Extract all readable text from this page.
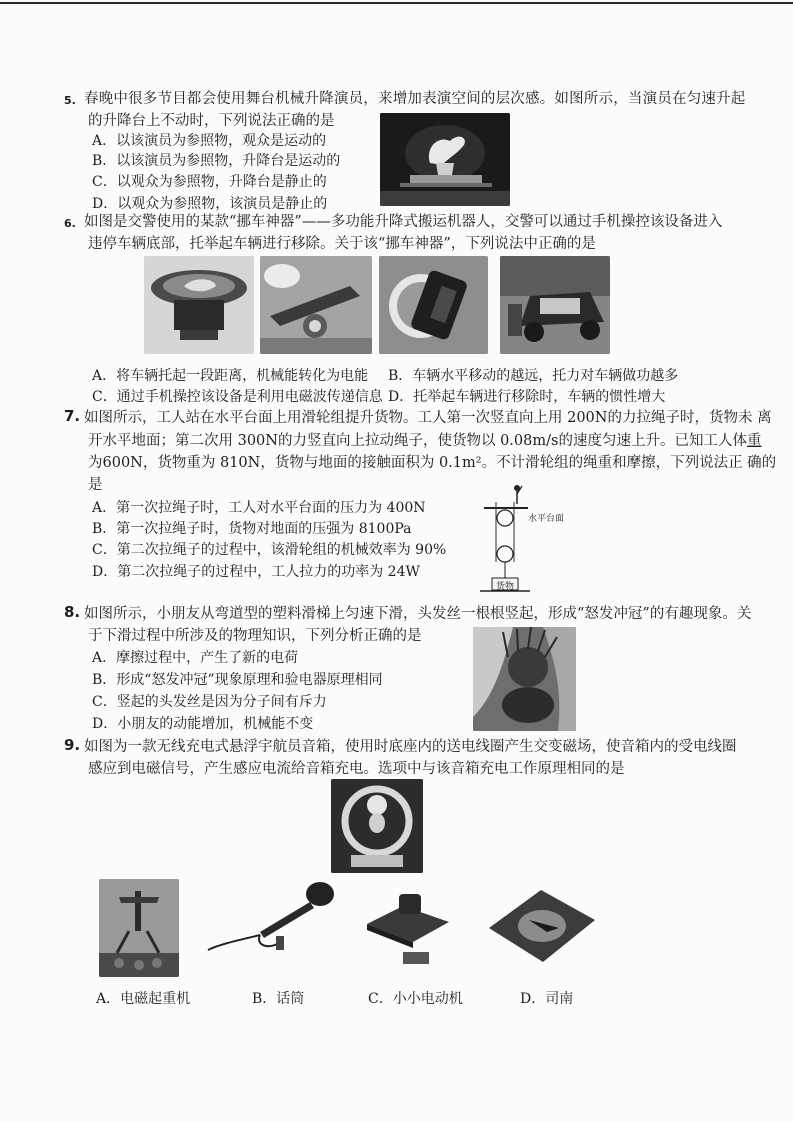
5. 春晚中很多节目都会使用舞台机械升降演员，来增加表演空间的层次感。如图所示，当演员在匀速升起
的升降台上不动时，下列说法正确的是
A．以该演员为参照物，观众是运动的
B．以该演员为参照物，升降台是运动的
C．以观众为参照物，升降台是静止的
D．以观众为参照物，该演员是静止的
6. 如图是交警使用的某款“挪车神器”——多功能升降式搬运机器人，交警可以通过手机操控该设备进入
违停车辆底部，托举起车辆进行移除。关于该“挪车神器”，下列说法中正确的是
A．将车辆托起一段距离，机械能转化为电能 B．车辆水平移动的越远，托力对车辆做功越多
C．通过手机操控该设备是利用电磁波传递信息 D．托举起车辆进行移除时，车辆的惯性增大
7. 如图所示，工人站在水平台面上用滑轮组提升货物。工人第一次竖直向上用 200N的力拉绳子时，货物未 离
开水平地面；第二次用 300N的力竖直向上拉动绳子，使货物以 0.08m/s的速度匀速上升。已知工人体重
为600N，货物重为 810N，货物与地面的接触面积为 0.1m²。不计滑轮组的绳重和摩擦，下列说法正 确的
是
A．第一次拉绳子时，工人对水平台面的压力为 400N
B．第一次拉绳子时，货物对地面的压强为 8100Pa
C．第二次拉绳子的过程中，该滑轮组的机械效率为 90%
D．第二次拉绳子的过程中，工人拉力的功率为 24W
水平台面
货物
8. 如图所示，小朋友从弯道型的塑料滑梯上匀速下滑，头发丝一根根竖起，形成“怒发冲冠”的有趣现象。关
于下滑过程中所涉及的物理知识，下列分析正确的是
A．摩擦过程中，产生了新的电荷
B．形成“怒发冲冠”现象原理和验电器原理相同
C．竖起的头发丝是因为分子间有斥力
D．小朋友的动能增加，机械能不变
9. 如图为一款无线充电式悬浮宇航员音箱，使用时底座内的送电线圈产生交变磁场，使音箱内的受电线圈
感应到电磁信号，产生感应电流给音箱充电。选项中与该音箱充电工作原理相同的是
A．电磁起重机	B．话筒	C．小小电动机	D．司南
